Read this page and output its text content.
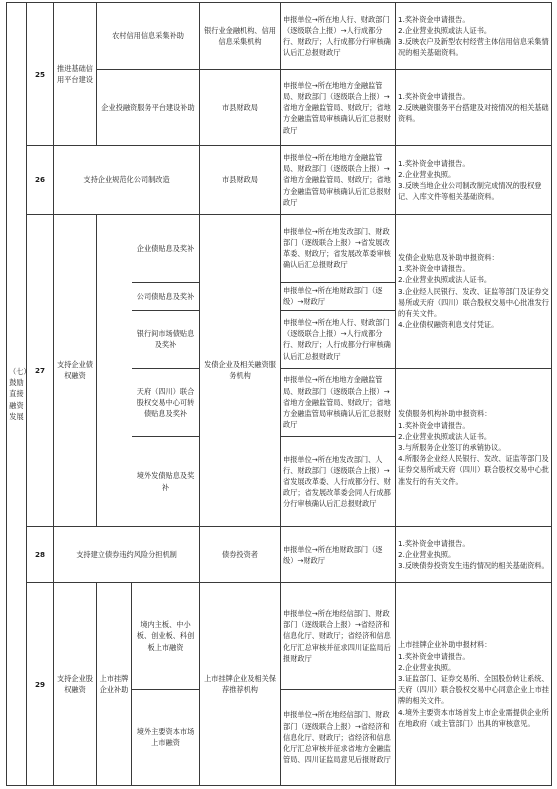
（七）
鼓励
直接
融资
发展	25	推进基础信用平台建设	农村信用信息采集补助		银行业金融机构、信用信息采集机构	申报单位→所在地人行、财政部门（逐级联合上报）→人行成都分行、财政厅；人行成都分行审核确认后汇总报财政厅	1.奖补资金申请报告。
2.企业营业执照或法人证书。
3.反映农户及新型农村经营主体信用信息采集情况的相关基础资料。
			企业投融资服务平台建设补助		市县财政局	申报单位→所在地地方金融监管局、财政部门（逐级联合上报）→省地方金融监管局、财政厅；省地方金融监管局审核确认后汇总报财政厅	1.奖补资金申请报告。
2.反映融资服务平台搭建及对接情况的相关基础资料。
	26	支持企业规范化公司制改造			市县财政局	申报单位→所在地地方金融监管局、财政部门（逐级联合上报）→省地方金融监管局、财政厅；省地方金融监管局审核确认后汇总报财政厅	1.奖补资金申请报告。
2.企业营业执照。
3.反映当地企业公司制改制完成情况的股权登记、入库文件等相关基础资料。
	27	支持企业债权融资		企业债贴息及奖补	发债企业及相关融资服务机构	申报单位→所在地发改部门、财政部门（逐级联合上报）→省发展改革委、财政厅；省发展改革委审核确认后汇总报财政厅	发债企业贴息及补助申报资料：
1.奖补资金申请报告。
2.企业营业执照或法人证书。
3.企业经人民银行、发改、证监等部门及证券交易所或天府（四川）联合股权交易中心批准发行的有关文件。
4.企业债权融资利息支付凭证。
				公司债贴息及奖补		申报单位→所在地财政部门（逐级）→财政厅	
				银行间市场债贴息及奖补		申报单位→所在地人行、财政部门（逐级联合上报）→人行成都分行、财政厅；人行成都分行审核确认后汇总报财政厅	
				天府（四川）联合股权交易中心可转债贴息及奖补		申报单位→所在地地方金融监管局、财政部门（逐级联合上报）→省地方金融监管局、财政厅；省地方金融监管局审核确认后汇总报财政厅	发债服务机构补助申报资料：
1.奖补资金申请报告。
2.企业营业执照或法人证书。
3.与所服务企业签订的承销协议。
4.所服务企业经人民银行、发改、证监等部门及证券交易所或天府（四川）联合股权交易中心批准发行的有关文件。
				境外发债贴息及奖补		申报单位→所在地发改部门、人行、财政部门（逐级联合上报）→省发展改革委、人行成都分行、财政厅；省发展改革委会同人行成都分行审核确认后汇总报财政厅	
	28	支持建立债券违约风险分担机制			债券投资者	申报单位→所在地财政部门（逐级）→财政厅	1.奖补资金申请报告。
2.企业营业执照。
3.反映债券投资发生违约情况的相关基础资料。
	29	支持企业股权融资	上市挂牌企业补助	境内主板、中小板、创业板、科创板上市融资	上市挂牌企业及相关保荐推荐机构	申报单位→所在地经信部门、财政部门（逐级联合上报）→省经济和信息化厅、财政厅；省经济和信息化厅汇总审核并征求四川证监局后报财政厅	上市挂牌企业补助申报材料：
1.奖补资金申请报告。
2.企业营业执照。
3.证监部门、证券交易所、全国股份转让系统、天府（四川）联合股权交易中心同意企业上市挂牌的相关文件。
4.境外主要资本市场首发上市企业需提供企业所在地政府（或主管部门）出具的审核意见。
				境外主要资本市场上市融资		申报单位→所在地经信部门、财政部门（逐级联合上报）→省经济和信息化厅、财政厅；省经济和信息化厅汇总审核并征求省地方金融监管局、四川证监局意见后报财政厅	
